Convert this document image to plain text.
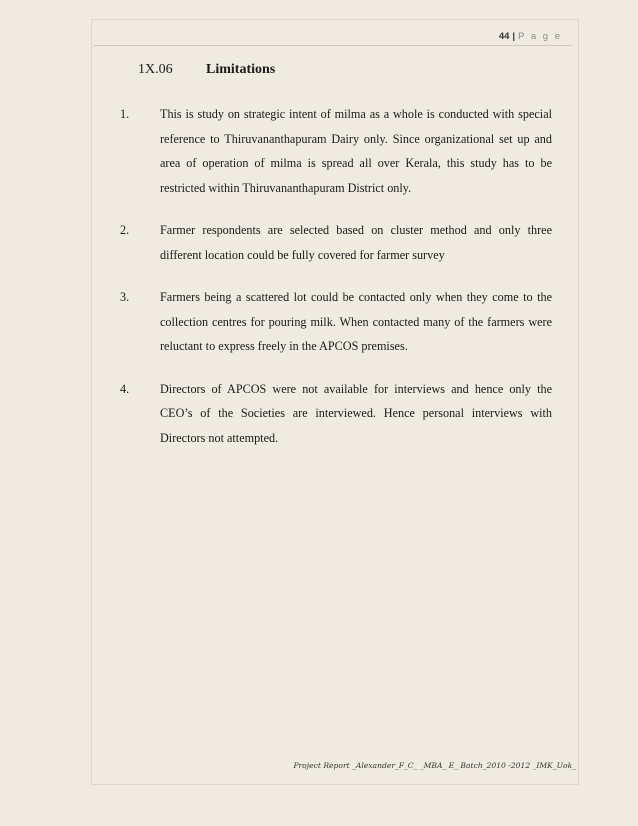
44 | P a g e
1X.06 Limitations
1.	This is study on strategic intent of milma as a whole is conducted with special reference to Thiruvananthapuram Dairy only. Since organizational set up and area of operation of milma is spread all over Kerala, this study has to be restricted within Thiruvananthapuram District only.
2.	Farmer respondents are selected based on cluster method and only three different location could be fully covered for farmer survey
3.	Farmers being a scattered lot could be contacted only when they come to the collection centres for pouring milk. When contacted many of the farmers were reluctant to express freely in the APCOS premises.
4.	Directors of APCOS were not available for interviews and hence only the CEO’s of the Societies are interviewed. Hence personal interviews with Directors not attempted.
Project Report _Alexander_F_C_ _MBA_ E_ Batch_2010 -2012 _IMK_Uok_
